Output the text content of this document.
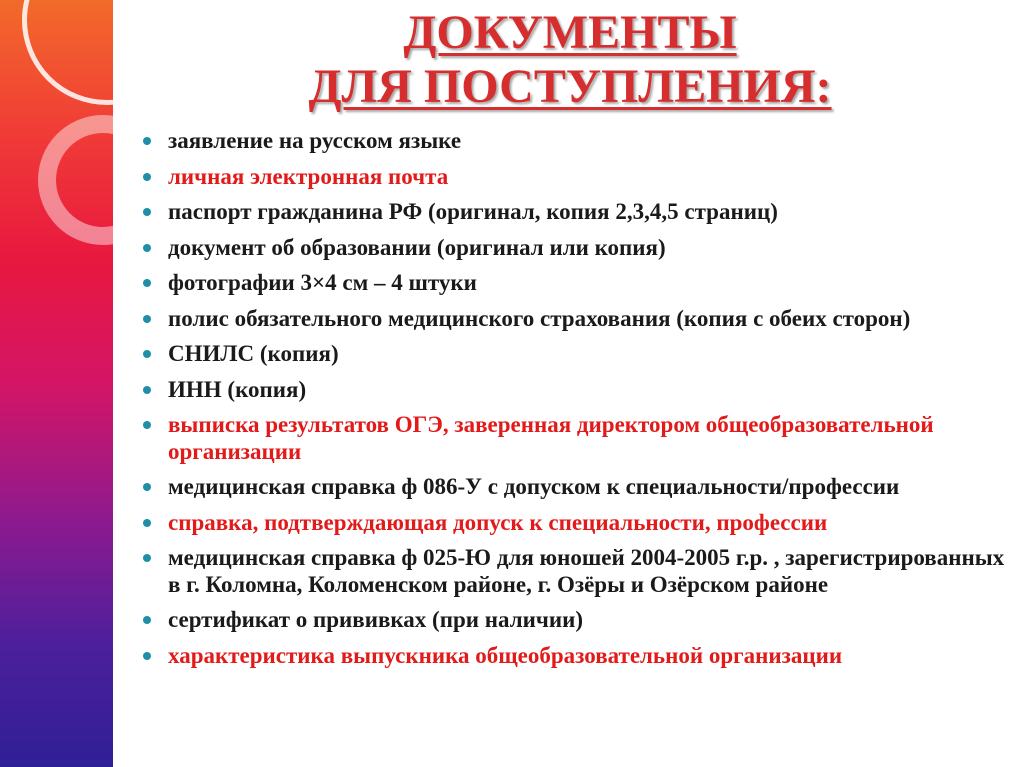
ДОКУМЕНТЫ
ДЛЯ ПОСТУПЛЕНИЯ:
заявление на русском языке
личная электронная почта
паспорт гражданина РФ (оригинал, копия 2,3,4,5 страниц)
документ об образовании (оригинал или копия)
фотографии 3×4 см – 4 штуки
полис обязательного медицинского страхования (копия с обеих сторон)
СНИЛС (копия)
ИНН (копия)
выписка результатов ОГЭ, заверенная директором общеобразовательной организации
медицинская справка ф 086-У с допуском к специальности/профессии
справка, подтверждающая допуск к специальности, профессии
медицинская справка ф 025-Ю для юношей 2004-2005 г.р. , зарегистрированных в г. Коломна, Коломенском районе, г. Озёры и Озёрском районе
сертификат о прививках (при наличии)
характеристика выпускника общеобразовательной организации
